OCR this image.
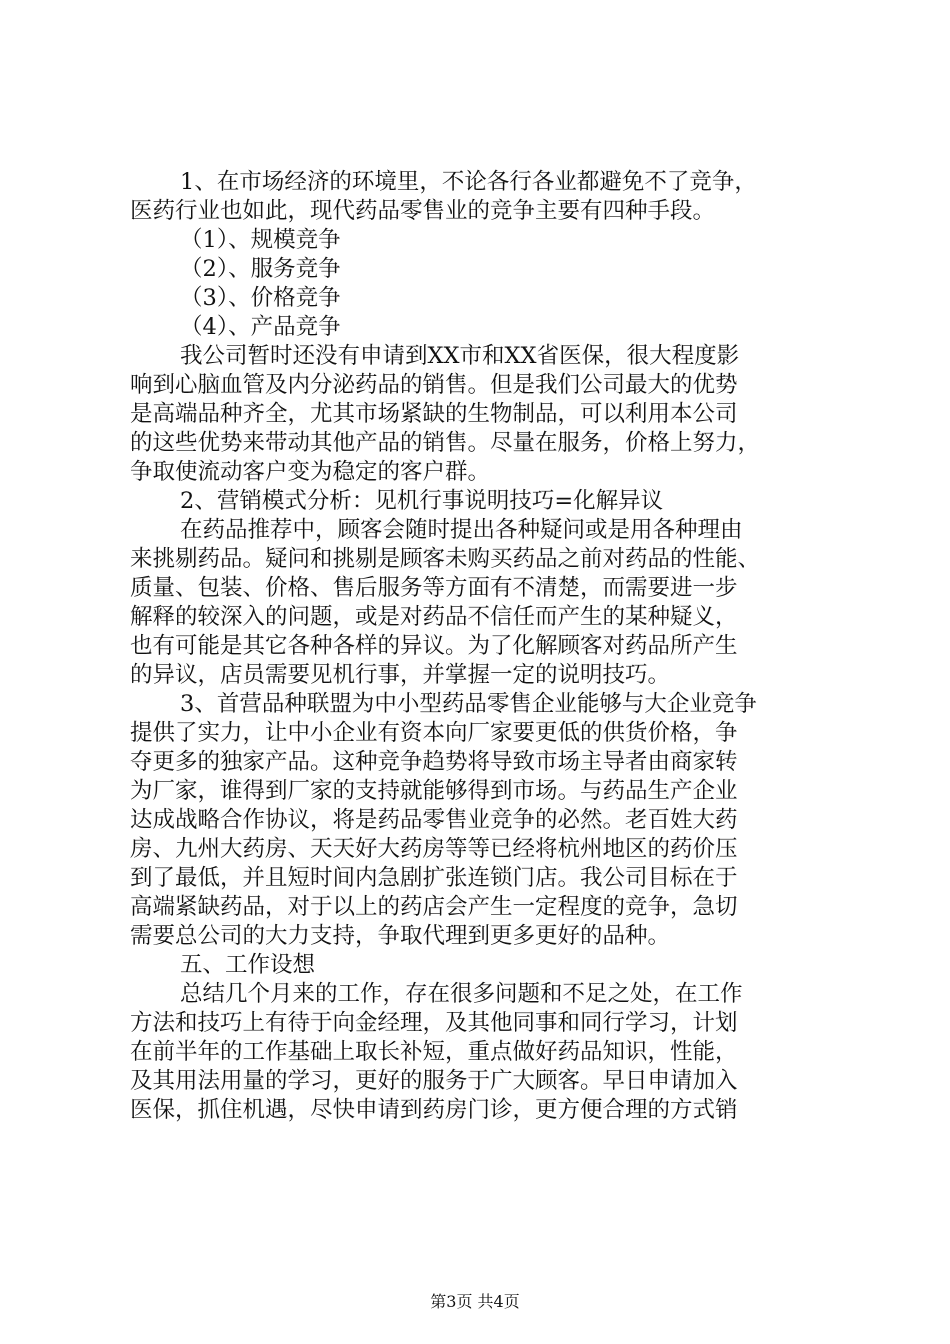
1、在市场经济的环境里，不论各行各业都避免不了竞争，
医药行业也如此，现代药品零售业的竞争主要有四种手段。
（1）、规模竞争
（2）、服务竞争
（3）、价格竞争
（4）、产品竞争
我公司暂时还没有申请到XX市和XX省医保，很大程度影
响到心脑血管及内分泌药品的销售。但是我们公司最大的优势
是高端品种齐全，尤其市场紧缺的生物制品，可以利用本公司
的这些优势来带动其他产品的销售。尽量在服务，价格上努力，
争取使流动客户变为稳定的客户群。
2、营销模式分析：见机行事说明技巧=化解异议
在药品推荐中，顾客会随时提出各种疑问或是用各种理由
来挑剔药品。疑问和挑剔是顾客未购买药品之前对药品的性能、
质量、包装、价格、售后服务等方面有不清楚，而需要进一步
解释的较深入的问题，或是对药品不信任而产生的某种疑义，
也有可能是其它各种各样的异议。为了化解顾客对药品所产生
的异议，店员需要见机行事，并掌握一定的说明技巧。
3、首营品种联盟为中小型药品零售企业能够与大企业竞争
提供了实力，让中小企业有资本向厂家要更低的供货价格，争
夺更多的独家产品。这种竞争趋势将导致市场主导者由商家转
为厂家，谁得到厂家的支持就能够得到市场。与药品生产企业
达成战略合作协议，将是药品零售业竞争的必然。老百姓大药
房、九州大药房、天天好大药房等等已经将杭州地区的药价压
到了最低，并且短时间内急剧扩张连锁门店。我公司目标在于
高端紧缺药品，对于以上的药店会产生一定程度的竞争，急切
需要总公司的大力支持，争取代理到更多更好的品种。
五、工作设想
总结几个月来的工作，存在很多问题和不足之处，在工作
方法和技巧上有待于向金经理，及其他同事和同行学习，计划
在前半年的工作基础上取长补短，重点做好药品知识，性能，
及其用法用量的学习，更好的服务于广大顾客。早日申请加入
医保，抓住机遇，尽快申请到药房门诊，更方便合理的方式销
第3页 共4页
